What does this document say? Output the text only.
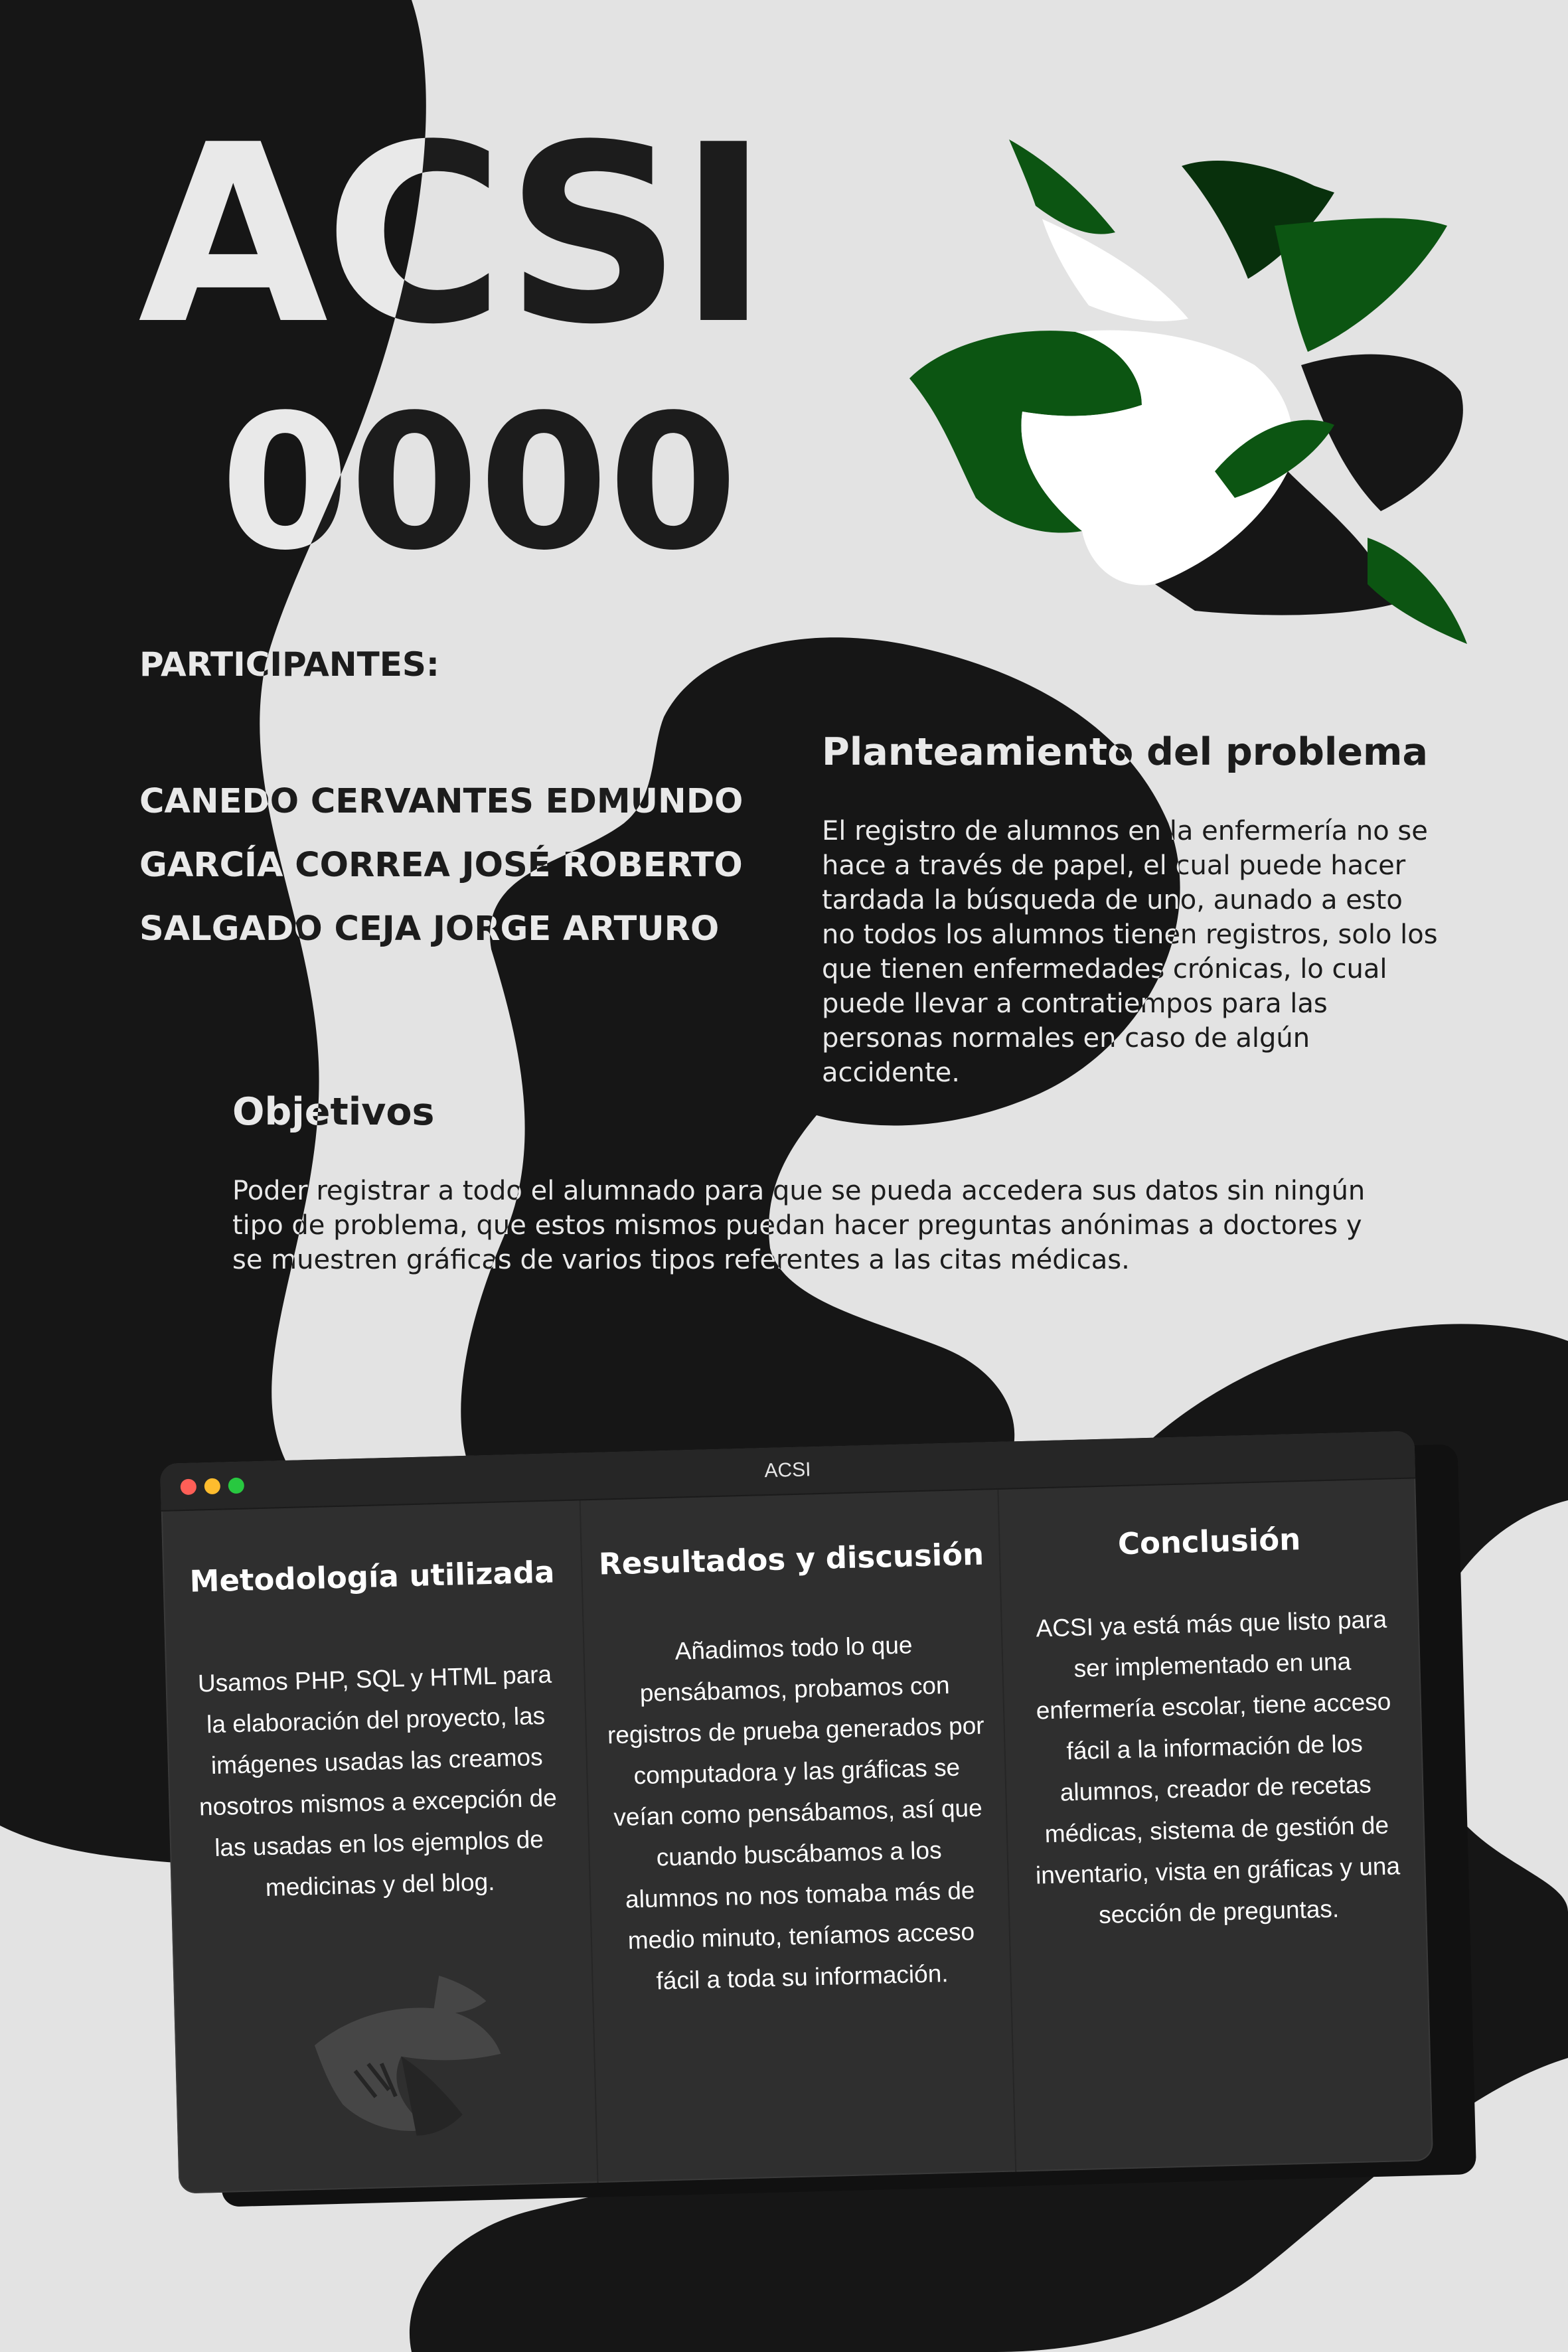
ACSI
0000
PARTICIPANTES:
CANEDO CERVANTES EDMUNDO
GARCÍA CORREA JOSÉ ROBERTO
SALGADO CEJA JORGE ARTURO
Planteamiento del problema

El registro de alumnos en la enfermería no se hace a través de papel, el cual puede hacer tardada la búsqueda de uno, aunado a esto no todos los alumnos tienen registros, solo los que tienen enfermedades crónicas, lo cual puede llevar a contratiempos para las personas normales en caso de algún accidente.

Objetivos

Poder registrar a todo el alumnado para que se pueda accedera sus datos sin ningún tipo de problema, que estos mismos puedan hacer preguntas anónimas a doctores y se muestren gráficas de varios tipos referentes a las citas médicas.

ACSI
Metodología utilizada

Usamos PHP, SQL y HTML para la elaboración del proyecto, las imágenes usadas las creamos nosotros mismos a excepción de las usadas en los ejemplos de medicinas y del blog.

Resultados y discusión

Añadimos todo lo que pensábamos, probamos con registros de prueba generados por computadora y las gráficas se veían como pensábamos, así que cuando buscábamos a los alumnos no nos tomaba más de medio minuto, teníamos acceso fácil a toda su información.

Conclusión

ACSI ya está más que listo para ser implementado en una enfermería escolar, tiene acceso fácil a la información de los alumnos, creador de recetas médicas, sistema de gestión de inventario, vista en gráficas y una sección de preguntas.
